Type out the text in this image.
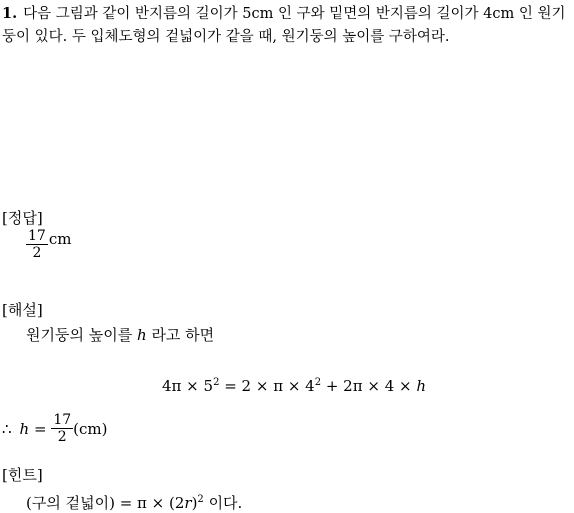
1. 다음 그림과 같이 반지름의 길이가 5cm 인 구와 밑면의 반지름의 길이가 4cm 인 원기둥이 있다. 두 입체도형의 겉넓이가 같을 때, 원기둥의 높이를 구하여라.
[정답]
$\frac{17}{2}$ cm
[해설]
원기둥의 높이를 h 라고 하면
$4\pi \times 5^2 = 2 \times \pi \times 4^2 + 2\pi \times 4 \times h$
∴ $h = \frac{17}{2} (cm)$
[힌트]
(구의 겉넓이) = $\pi \times (2r)^2$ 이다.
